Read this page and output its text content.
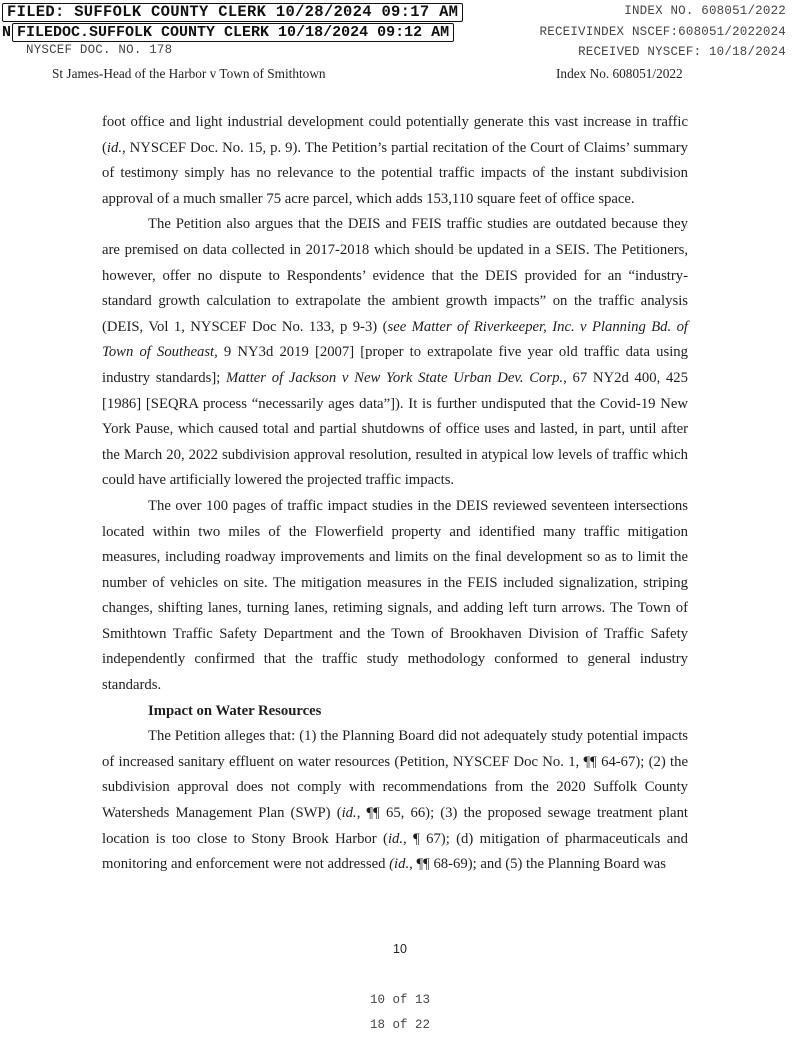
FILED: SUFFOLK COUNTY CLERK 10/28/2024 09:17 AM	INDEX NO. 608051/2022
N FILEDOC.SUFFOLK COUNTY CLERK 10/18/2024 09:12 AM	RECEIVINDEX NSCEF:608051/2022024
NYSCEF DOC. NO. 178	RECEIVED NYSCEF: 10/18/2024
St James-Head of the Harbor v Town of Smithtown	Index No. 608051/2022

foot office and light industrial development could potentially generate this vast increase in traffic (id., NYSCEF Doc. No. 15, p. 9). The Petition’s partial recitation of the Court of Claims’ summary of testimony simply has no relevance to the potential traffic impacts of the instant subdivision approval of a much smaller 75 acre parcel, which adds 153,110 square feet of office space.

The Petition also argues that the DEIS and FEIS traffic studies are outdated because they are premised on data collected in 2017-2018 which should be updated in a SEIS. The Petitioners, however, offer no dispute to Respondents’ evidence that the DEIS provided for an “industry-standard growth calculation to extrapolate the ambient growth impacts” on the traffic analysis (DEIS, Vol 1, NYSCEF Doc No. 133, p 9-3) (see Matter of Riverkeeper, Inc. v Planning Bd. of Town of Southeast, 9 NY3d 2019 [2007] [proper to extrapolate five year old traffic data using industry standards]; Matter of Jackson v New York State Urban Dev. Corp., 67 NY2d 400, 425 [1986] [SEQRA process “necessarily ages data”]). It is further undisputed that the Covid-19 New York Pause, which caused total and partial shutdowns of office uses and lasted, in part, until after the March 20, 2022 subdivision approval resolution, resulted in atypical low levels of traffic which could have artificially lowered the projected traffic impacts.

The over 100 pages of traffic impact studies in the DEIS reviewed seventeen intersections located within two miles of the Flowerfield property and identified many traffic mitigation measures, including roadway improvements and limits on the final development so as to limit the number of vehicles on site. The mitigation measures in the FEIS included signalization, striping changes, shifting lanes, turning lanes, retiming signals, and adding left turn arrows. The Town of Smithtown Traffic Safety Department and the Town of Brookhaven Division of Traffic Safety independently confirmed that the traffic study methodology conformed to general industry standards.

Impact on Water Resources

The Petition alleges that: (1) the Planning Board did not adequately study potential impacts of increased sanitary effluent on water resources (Petition, NYSCEF Doc No. 1, ¶¶ 64-67); (2) the subdivision approval does not comply with recommendations from the 2020 Suffolk County Watersheds Management Plan (SWP) (id., ¶¶ 65, 66); (3) the proposed sewage treatment plant location is too close to Stony Brook Harbor (id., ¶ 67); (d) mitigation of pharmaceuticals and monitoring and enforcement were not addressed (id., ¶¶ 68-69); and (5) the Planning Board was

10
10 of 13
18 of 22
